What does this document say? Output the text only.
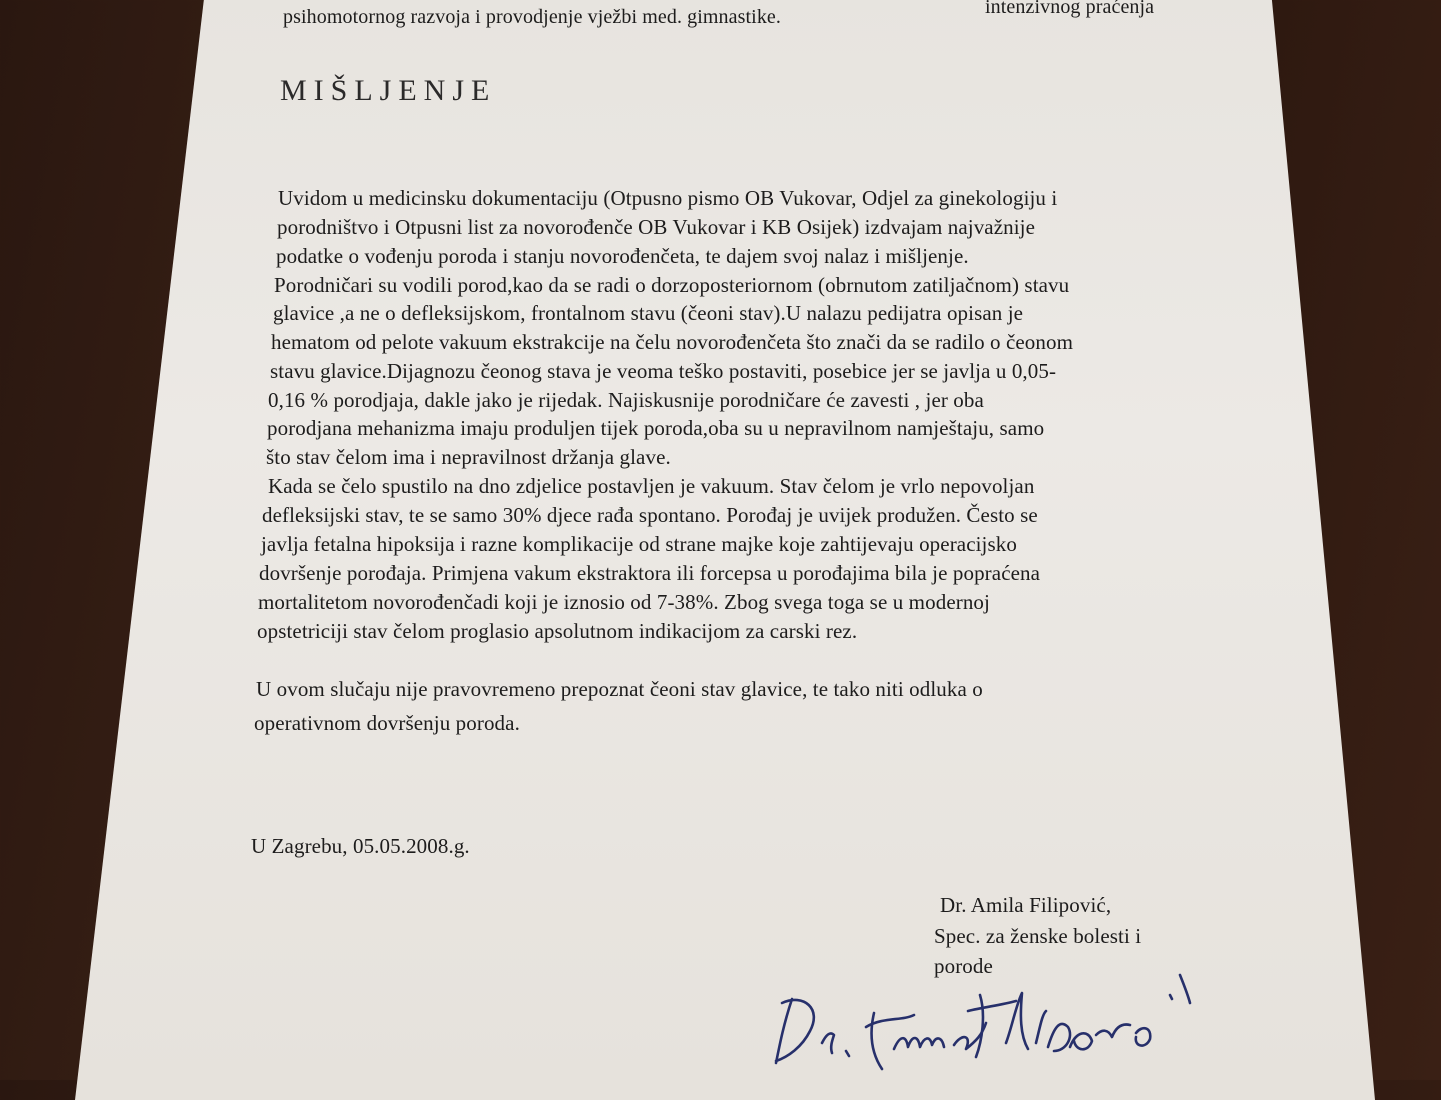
psihomotornog razvoja i provodjenje vježbi med. gimnastike.	intenzivnog praćenja
MIŠLJENJE
Uvidom u medicinsku dokumentaciju (Otpusno pismo OB Vukovar, Odjel za ginekologiju i
porodništvo i Otpusni list za novorođenče OB Vukovar i KB Osijek) izdvajam najvažnije
podatke o vođenju poroda i stanju novorođenčeta, te dajem svoj nalaz i mišljenje.
Porodničari su vodili porod,kao da se radi o dorzoposteriornom (obrnutom zatiljačnom) stavu
glavice ,a ne o defleksijskom, frontalnom stavu (čeoni stav).U nalazu pedijatra opisan je
hematom od pelote vakuum ekstrakcije na čelu novorođenčeta što znači da se radilo o čeonom
stavu glavice.Dijagnozu čeonog stava je veoma teško postaviti, posebice jer se javlja u 0,05-
0,16 % porodjaja, dakle jako je rijedak. Najiskusnije porodničare će zavesti , jer oba
porodjana mehanizma imaju produljen tijek poroda,oba su u nepravilnom namještaju, samo
što stav čelom ima i nepravilnost držanja glave.
Kada se čelo spustilo na dno zdjelice postavljen je vakuum. Stav čelom je vrlo nepovoljan
defleksijski stav, te se samo 30% djece rađa spontano. Porođaj je uvijek produžen. Često se
javlja fetalna hipoksija i razne komplikacije od strane majke koje zahtijevaju operacijsko
dovršenje porođaja. Primjena vakum ekstraktora ili forcepsa u porođajima bila je popraćena
mortalitetom novorođenčadi koji je iznosio od 7-38%. Zbog svega toga se u modernoj
opstetriciji stav čelom proglasio apsolutnom indikacijom za carski rez.
U ovom slučaju nije pravovremeno prepoznat čeoni stav glavice, te tako niti odluka o
operativnom dovršenju poroda.
U Zagrebu, 05.05.2008.g.
Dr. Amila Filipović,
Spec. za ženske bolesti i
porode
